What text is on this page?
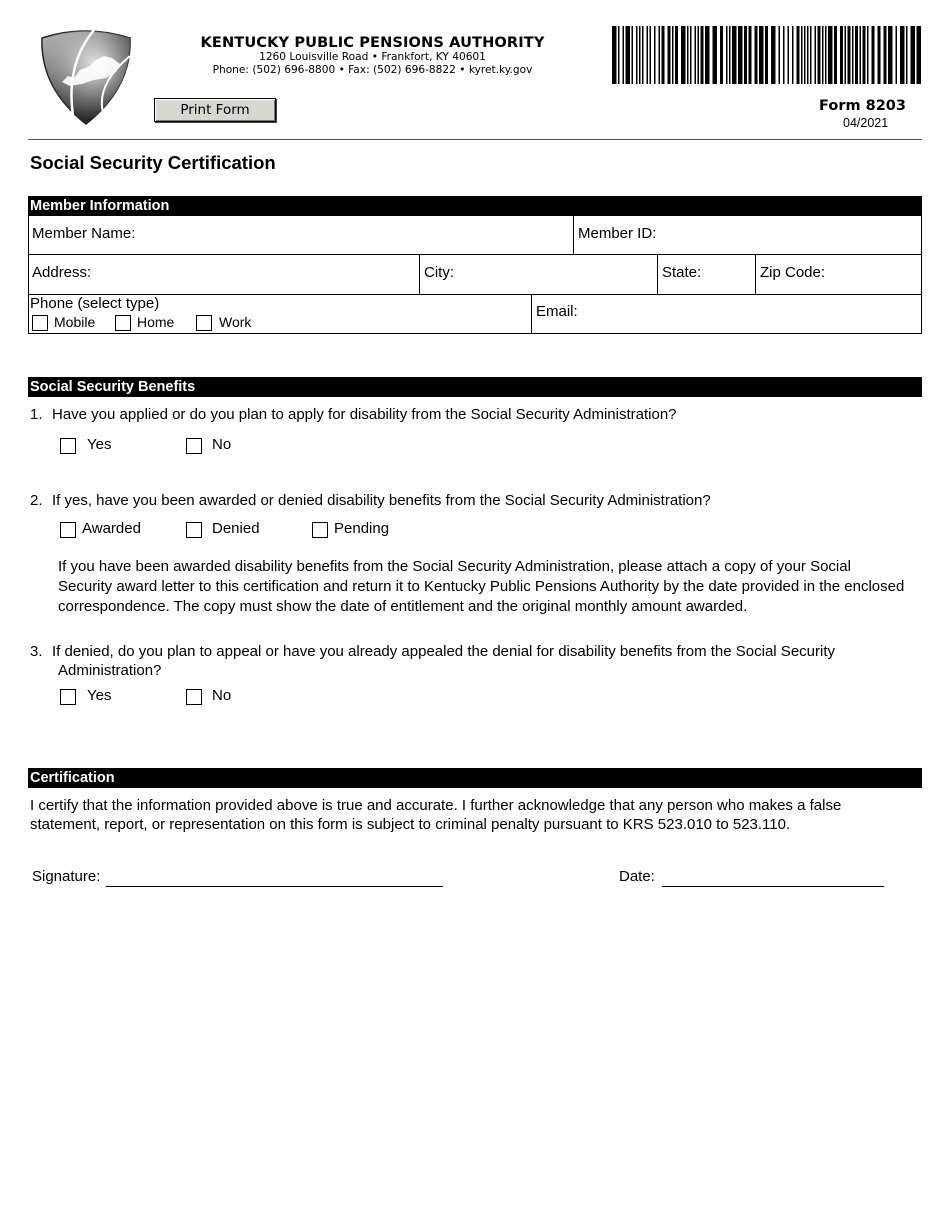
KENTUCKY PUBLIC PENSIONS AUTHORITY
1260 Louisville Road • Frankfort, KY 40601
Phone: (502) 696-8800 • Fax: (502) 696-8822 • kyret.ky.gov
Print Form	Form 8203
04/2021
Social Security Certification
Member Information
Member Name:	Member ID:
Address:	City:	State:	Zip Code:
Phone (select type)
Mobile	Home	Work
Email:
Social Security Benefits
1. Have you applied or do you plan to apply for disability from the Social Security Administration?
Yes	No
2. If yes, have you been awarded or denied disability benefits from the Social Security Administration?
Awarded	Denied	Pending
If you have been awarded disability benefits from the Social Security Administration, please attach a copy of your Social Security award letter to this certification and return it to Kentucky Public Pensions Authority by the date provided in the enclosed correspondence. The copy must show the date of entitlement and the original monthly amount awarded.
3. If denied, do you plan to appeal or have you already appealed the denial for disability benefits from the Social Security Administration?
Yes	No
Certification
I certify that the information provided above is true and accurate. I further acknowledge that any person who makes a false statement, report, or representation on this form is subject to criminal penalty pursuant to KRS 523.010 to 523.110.
Signature:	Date:
